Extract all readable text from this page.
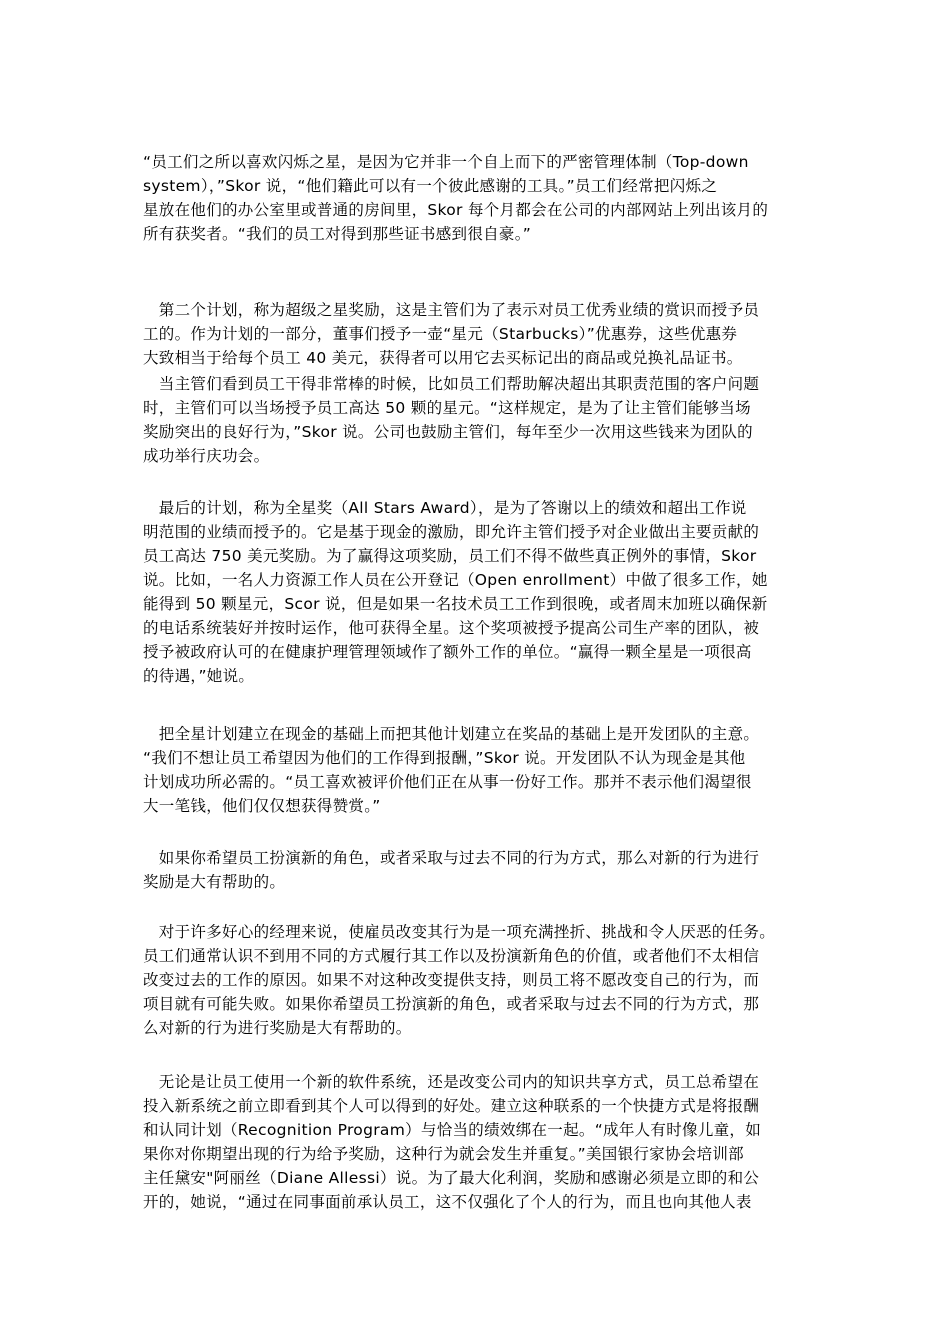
“员工们之所以喜欢闪烁之星，是因为它并非一个自上而下的严密管理体制（Top-down
system），”Skor 说，“他们籍此可以有一个彼此感谢的工具。”员工们经常把闪烁之
星放在他们的办公室里或普通的房间里，Skor 每个月都会在公司的内部网站上列出该月的
所有获奖者。“我们的员工对得到那些证书感到很自豪。”
　第二个计划，称为超级之星奖励，这是主管们为了表示对员工优秀业绩的赏识而授予员
工的。作为计划的一部分，董事们授予一壶“星元（Starbucks）”优惠券，这些优惠券
大致相当于给每个员工 40 美元，获得者可以用它去买标记出的商品或兑换礼品证书。
　当主管们看到员工干得非常棒的时候，比如员工们帮助解决超出其职责范围的客户问题
时，主管们可以当场授予员工高达 50 颗的星元。“这样规定，是为了让主管们能够当场
奖励突出的良好行为，”Skor 说。公司也鼓励主管们，每年至少一次用这些钱来为团队的
成功举行庆功会。
　最后的计划，称为全星奖（All Stars Award），是为了答谢以上的绩效和超出工作说
明范围的业绩而授予的。它是基于现金的激励，即允许主管们授予对企业做出主要贡献的
员工高达 750 美元奖励。为了赢得这项奖励，员工们不得不做些真正例外的事情，Skor
说。比如，一名人力资源工作人员在公开登记（Open enrollment）中做了很多工作，她
能得到 50 颗星元，Scor 说，但是如果一名技术员工工作到很晚，或者周末加班以确保新
的电话系统装好并按时运作，他可获得全星。这个奖项被授予提高公司生产率的团队，被
授予被政府认可的在健康护理管理领域作了额外工作的单位。“赢得一颗全星是一项很高
的待遇，”她说。
　把全星计划建立在现金的基础上而把其他计划建立在奖品的基础上是开发团队的主意。
“我们不想让员工希望因为他们的工作得到报酬，”Skor 说。开发团队不认为现金是其他
计划成功所必需的。“员工喜欢被评价他们正在从事一份好工作。那并不表示他们渴望很
大一笔钱，他们仅仅想获得赞赏。”
　如果你希望员工扮演新的角色，或者采取与过去不同的行为方式，那么对新的行为进行
奖励是大有帮助的。
　对于许多好心的经理来说，使雇员改变其行为是一项充满挫折、挑战和令人厌恶的任务。
员工们通常认识不到用不同的方式履行其工作以及扮演新角色的价值，或者他们不太相信
改变过去的工作的原因。如果不对这种改变提供支持，则员工将不愿改变自己的行为，而
项目就有可能失败。如果你希望员工扮演新的角色，或者采取与过去不同的行为方式，那
么对新的行为进行奖励是大有帮助的。
　无论是让员工使用一个新的软件系统，还是改变公司内的知识共享方式，员工总希望在
投入新系统之前立即看到其个人可以得到的好处。建立这种联系的一个快捷方式是将报酬
和认同计划（Recognition Program）与恰当的绩效绑在一起。“成年人有时像儿童，如
果你对你期望出现的行为给予奖励，这种行为就会发生并重复。”美国银行家协会培训部
主任黛安"阿丽丝（Diane Allessi）说。为了最大化利润，奖励和感谢必须是立即的和公
开的，她说，“通过在同事面前承认员工，这不仅强化了个人的行为，而且也向其他人表
